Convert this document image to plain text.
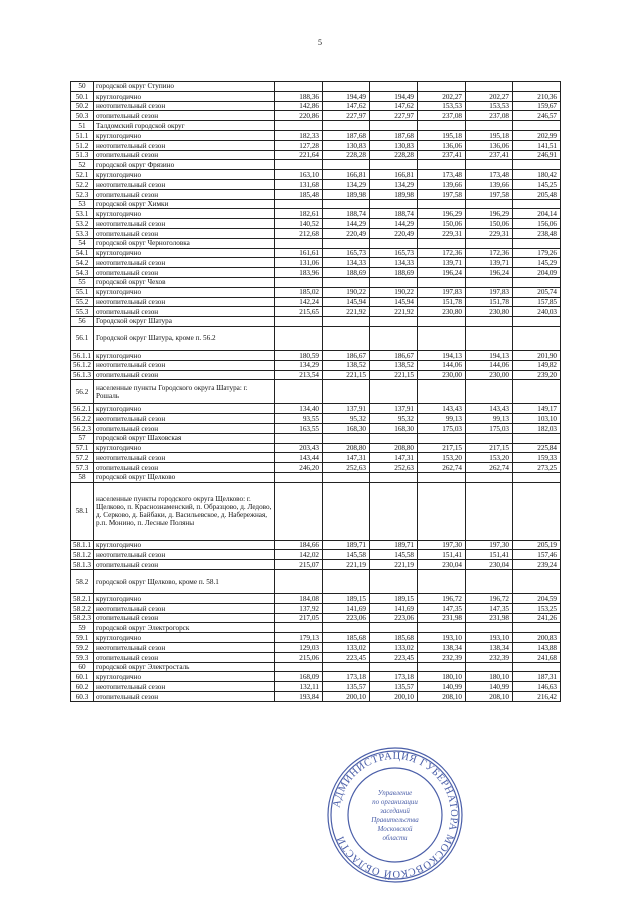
5
50	городской округ Ступино						
50.1	круглогодично	188,36	194,49	194,49	202,27	202,27	210,36
50.2	неотопительный сезон	142,86	147,62	147,62	153,53	153,53	159,67
50.3	отопительный сезон	220,86	227,97	227,97	237,08	237,08	246,57
51	Талдомский городской округ						
51.1	круглогодично	182,33	187,68	187,68	195,18	195,18	202,99
51.2	неотопительный сезон	127,28	130,83	130,83	136,06	136,06	141,51
51.3	отопительный сезон	221,64	228,28	228,28	237,41	237,41	246,91
52	городской округ Фрязино						
52.1	круглогодично	163,10	166,81	166,81	173,48	173,48	180,42
52.2	неотопительный сезон	131,68	134,29	134,29	139,66	139,66	145,25
52.3	отопительный сезон	185,48	189,98	189,98	197,58	197,58	205,48
53	городской округ Химки						
53.1	круглогодично	182,61	188,74	188,74	196,29	196,29	204,14
53.2	неотопительный сезон	140,52	144,29	144,29	150,06	150,06	156,06
53.3	отопительный сезон	212,68	220,49	220,49	229,31	229,31	238,48
54	городской округ Черноголовка						
54.1	круглогодично	161,61	165,73	165,73	172,36	172,36	179,26
54.2	неотопительный сезон	131,06	134,33	134,33	139,71	139,71	145,29
54.3	отопительный сезон	183,96	188,69	188,69	196,24	196,24	204,09
55	городской округ Чехов						
55.1	круглогодично	185,02	190,22	190,22	197,83	197,83	205,74
55.2	неотопительный сезон	142,24	145,94	145,94	151,78	151,78	157,85
55.3	отопительный сезон	215,65	221,92	221,92	230,80	230,80	240,03
56	Городской округ Шатура						
56.1	Городской округ Шатура, кроме п. 56.2						
56.1.1	круглогодично	180,59	186,67	186,67	194,13	194,13	201,90
56.1.2	неотопительный сезон	134,29	138,52	138,52	144,06	144,06	149,82
56.1.3	отопительный сезон	213,54	221,15	221,15	230,00	230,00	239,20
56.2	населенные пункты Городского округа Шатура: г. Рошаль						
56.2.1	круглогодично	134,40	137,91	137,91	143,43	143,43	149,17
56.2.2	неотопительный сезон	93,55	95,32	95,32	99,13	99,13	103,10
56.2.3	отопительный сезон	163,55	168,30	168,30	175,03	175,03	182,03
57	городской округ Шаховская						
57.1	круглогодично	203,43	208,80	208,80	217,15	217,15	225,84
57.2	неотопительный сезон	143,44	147,31	147,31	153,20	153,20	159,33
57.3	отопительный сезон	246,20	252,63	252,63	262,74	262,74	273,25
58	городской округ Щелково						
58.1	населенные пункты городского округа Щелково: г. Щелково, п. Краснознаменский, п. Образцово, д. Ледово, д. Серково, д. Байбаки, д. Васильевское, д. Набережная, р.п. Монино, п. Лесные Поляны						
58.1.1	круглогодично	184,66	189,71	189,71	197,30	197,30	205,19
58.1.2	неотопительный сезон	142,02	145,58	145,58	151,41	151,41	157,46
58.1.3	отопительный сезон	215,07	221,19	221,19	230,04	230,04	239,24
58.2	городской округ Щелково, кроме п. 58.1						
58.2.1	круглогодично	184,08	189,15	189,15	196,72	196,72	204,59
58.2.2	неотопительный сезон	137,92	141,69	141,69	147,35	147,35	153,25
58.2.3	отопительный сезон	217,05	223,06	223,06	231,98	231,98	241,26
59	городской округ Электрогорск						
59.1	круглогодично	179,13	185,68	185,68	193,10	193,10	200,83
59.2	неотопительный сезон	129,03	133,02	133,02	138,34	138,34	143,88
59.3	отопительный сезон	215,06	223,45	223,45	232,39	232,39	241,68
60	городской округ Электросталь						
60.1	круглогодично	168,09	173,18	173,18	180,10	180,10	187,31
60.2	неотопительный сезон	132,11	135,57	135,57	140,99	140,99	146,63
60.3	отопительный сезон	193,84	200,10	200,10	208,10	208,10	216,42
АДМИНИСТРАЦИЯ ГУБЕРНАТОРА МОСКОВСКОЙ ОБЛАСТИ
Управление
по организации
заседаний
Правительства
Московской
области
